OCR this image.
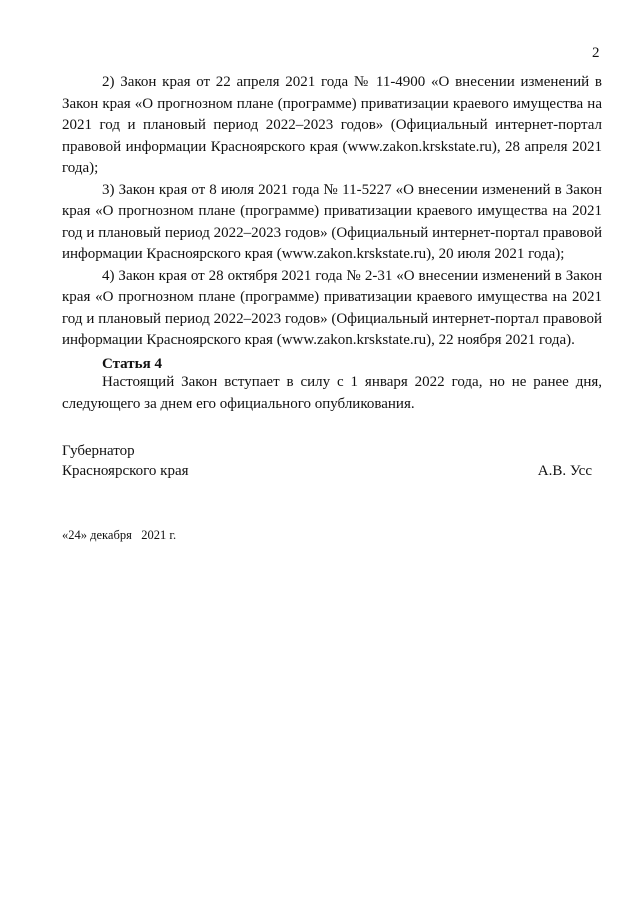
2

2) Закон края от 22 апреля 2021 года № 11-4900 «О внесении изменений в Закон края «О прогнозном плане (программе) приватизации краевого имущества на 2021 год и плановый период 2022–2023 годов» (Официальный интернет-портал правовой информации Красноярского края (www.zakon.krskstate.ru), 28 апреля 2021 года);

3) Закон края от 8 июля 2021 года № 11-5227 «О внесении изменений в Закон края «О прогнозном плане (программе) приватизации краевого имущества на 2021 год и плановый период 2022–2023 годов» (Официальный интернет-портал правовой информации Красноярского края (www.zakon.krskstate.ru), 20 июля 2021 года);

4) Закон края от 28 октября 2021 года № 2-31 «О внесении изменений в Закон края «О прогнозном плане (программе) приватизации краевого имущества на 2021 год и плановый период 2022–2023 годов» (Официальный интернет-портал правовой информации Красноярского края (www.zakon.krskstate.ru), 22 ноября 2021 года).

Статья 4

Настоящий Закон вступает в силу с 1 января 2022 года, но не ранее дня, следующего за днем его официального опубликования.

Губернатор

Красноярского края	А.В. Усс

«24» декабря   2021 г.
